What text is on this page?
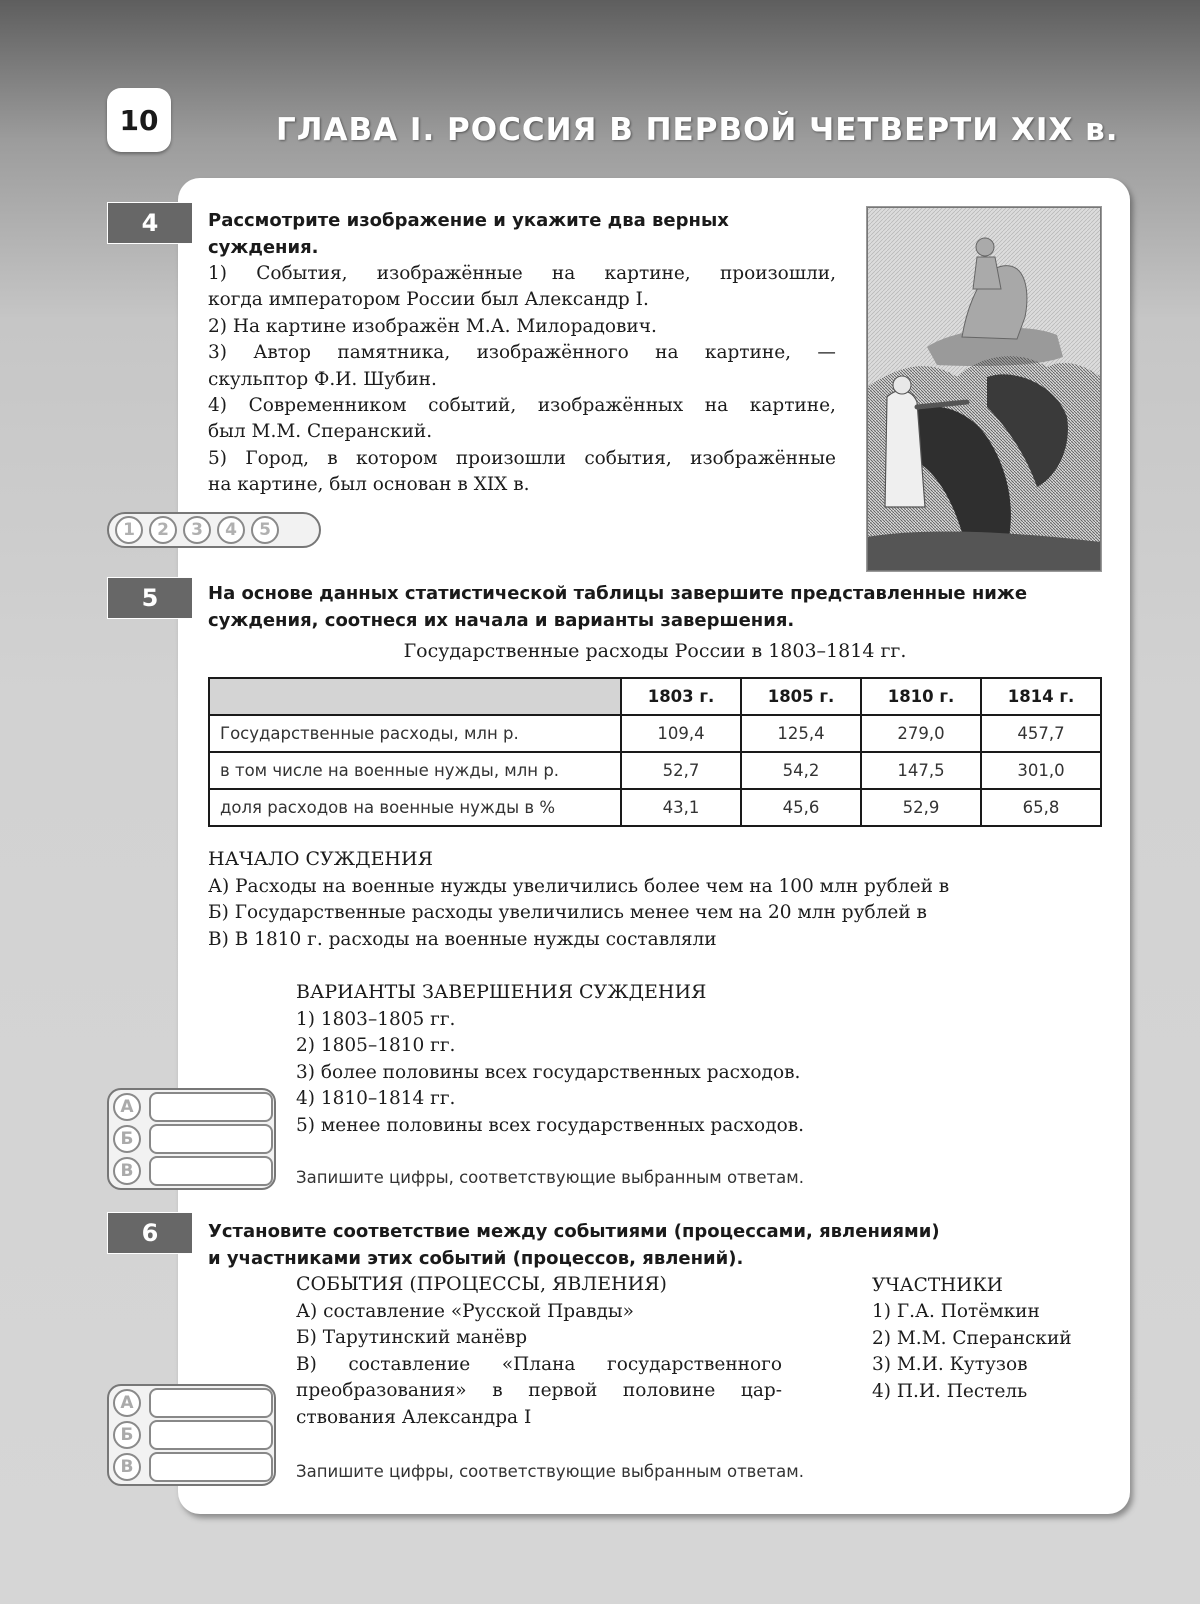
10	ГЛАВА I. РОССИЯ В ПЕРВОЙ ЧЕТВЕРТИ XIX в.
4	Рассмотрите изображение и укажите два верных
суждения.
1) События, изображённые на картине, произошли,
когда императором России был Александр I.
2) На картине изображён М.А. Милорадович.
3) Автор памятника, изображённого на картине, —
скульптор Ф.И. Шубин.
4) Современником событий, изображённых на картине,
был М.М. Сперанский.
5) Город, в котором произошли события, изображённые
на картине, был основан в XIX в.
1	2	3	4	5
5	На основе данных статистической таблицы завершите представленные ниже
суждения, соотнеся их начала и варианты завершения.
Государственные расходы России в 1803–1814 гг.
	1803 г.	1805 г.	1810 г.	1814 г.
Государственные расходы, млн р.	109,4	125,4	279,0	457,7
в том числе на военные нужды, млн р.	52,7	54,2	147,5	301,0
доля расходов на военные нужды в %	43,1	45,6	52,9	65,8
НАЧАЛО СУЖДЕНИЯ
А) Расходы на военные нужды увеличились более чем на 100 млн рублей в
Б) Государственные расходы увеличились менее чем на 20 млн рублей в
В) В 1810 г. расходы на военные нужды составляли
ВАРИАНТЫ ЗАВЕРШЕНИЯ СУЖДЕНИЯ
1) 1803–1805 гг.
2) 1805–1810 гг.
3) более половины всех государственных расходов.
4) 1810–1814 гг.
5) менее половины всех государственных расходов.
А
Б
В	Запишите цифры, соответствующие выбранным ответам.
6	Установите соответствие между событиями (процессами, явлениями)
и участниками этих событий (процессов, явлений).
СОБЫТИЯ (ПРОЦЕССЫ, ЯВЛЕНИЯ)
А) составление «Русской Правды»
Б) Тарутинский манёвр
В) составление «Плана государственного
преобразования» в первой половине цар-
ствования Александра I
УЧАСТНИКИ
1) Г.А. Потёмкин
2) М.М. Сперанский
3) М.И. Кутузов
4) П.И. Пестель
А
Б
В	Запишите цифры, соответствующие выбранным ответам.
